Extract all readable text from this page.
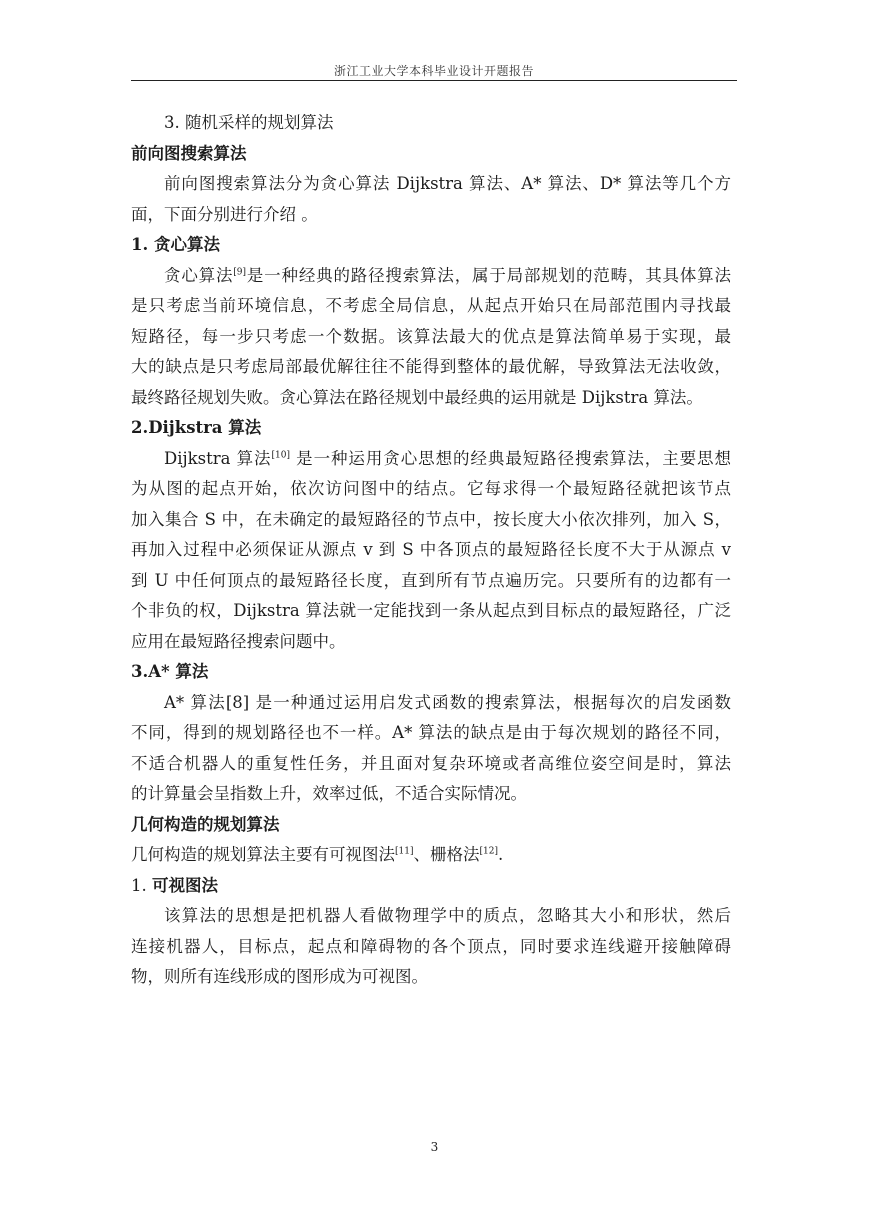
浙江工业大学本科毕业设计开题报告
3. 随机采样的规划算法
前向图搜索算法
前向图搜索算法分为贪心算法 Dijkstra 算法、A* 算法、D* 算法等几个方
面，下面分别进行介绍 。
1. 贪心算法
贪心算法[9]是一种经典的路径搜索算法，属于局部规划的范畴，其具体算法
是只考虑当前环境信息，不考虑全局信息，从起点开始只在局部范围内寻找最
短路径，每一步只考虑一个数据。该算法最大的优点是算法简单易于实现，最
大的缺点是只考虑局部最优解往往不能得到整体的最优解，导致算法无法收敛，
最终路径规划失败。贪心算法在路径规划中最经典的运用就是 Dijkstra 算法。
2.Dijkstra 算法
Dijkstra 算法[10] 是一种运用贪心思想的经典最短路径搜索算法，主要思想
为从图的起点开始，依次访问图中的结点。它每求得一个最短路径就把该节点
加入集合 S 中，在未确定的最短路径的节点中，按长度大小依次排列，加入 S，
再加入过程中必须保证从源点 v 到 S 中各顶点的最短路径长度不大于从源点 v
到 U 中任何顶点的最短路径长度，直到所有节点遍历完。只要所有的边都有一
个非负的权，Dijkstra 算法就一定能找到一条从起点到目标点的最短路径，广泛
应用在最短路径搜索问题中。
3.A* 算法
A* 算法[8] 是一种通过运用启发式函数的搜索算法，根据每次的启发函数
不同，得到的规划路径也不一样。A* 算法的缺点是由于每次规划的路径不同，
不适合机器人的重复性任务，并且面对复杂环境或者高维位姿空间是时，算法
的计算量会呈指数上升，效率过低，不适合实际情况。
几何构造的规划算法
几何构造的规划算法主要有可视图法[11]、栅格法[12].
1. 可视图法
该算法的思想是把机器人看做物理学中的质点，忽略其大小和形状，然后
连接机器人，目标点，起点和障碍物的各个顶点，同时要求连线避开接触障碍
物，则所有连线形成的图形成为可视图。
3
